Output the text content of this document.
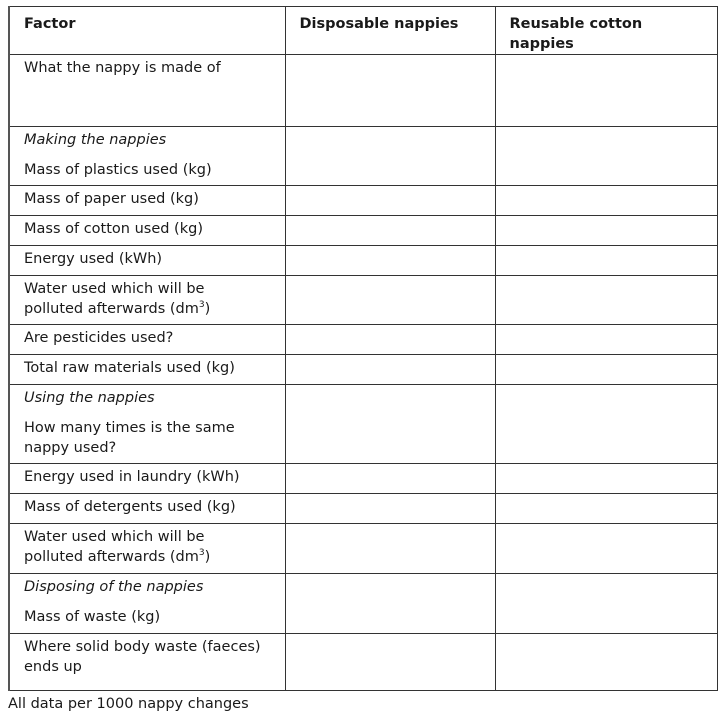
Factor	Disposable nappies	Reusable cotton nappies

What the nappy is made of		

Making the nappies
Mass of plastics used (kg)		

Mass of paper used (kg)		

Mass of cotton used (kg)		

Energy used (kWh)		

Water used which will be polluted afterwards $(dm^3)$		

Are pesticides used?		

Total raw materials used (kg)		

Using the nappies
How many times is the same nappy used?		

Energy used in laundry (kWh)		

Mass of detergents used (kg)		

Water used which will be polluted afterwards $(dm^3)$		

Disposing of the nappies
Mass of waste (kg)		

Where solid body waste (faeces) ends up		

All data per 1000 nappy changes
